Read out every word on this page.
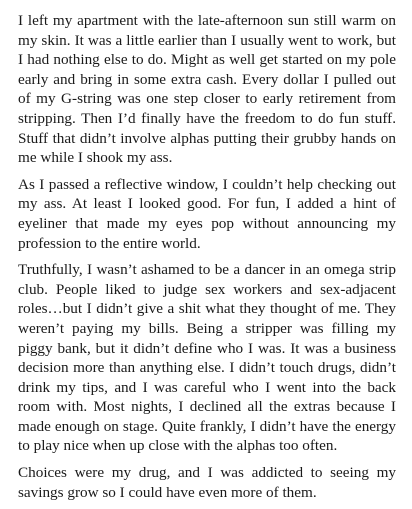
I left my apartment with the late-afternoon sun still warm on my skin. It was a little earlier than I usually went to work, but I had nothing else to do. Might as well get started on my pole early and bring in some extra cash. Every dollar I pulled out of my G-string was one step closer to early retirement from stripping. Then I’d finally have the freedom to do fun stuff. Stuff that didn’t involve alphas putting their grubby hands on me while I shook my ass.

As I passed a reflective window, I couldn’t help checking out my ass. At least I looked good. For fun, I added a hint of eyeliner that made my eyes pop without announcing my profession to the entire world.

Truthfully, I wasn’t ashamed to be a dancer in an omega strip club. People liked to judge sex workers and sex-adjacent roles…but I didn’t give a shit what they thought of me. They weren’t paying my bills. Being a stripper was filling my piggy bank, but it didn’t define who I was. It was a business decision more than anything else. I didn’t touch drugs, didn’t drink my tips, and I was careful who I went into the back room with. Most nights, I declined all the extras because I made enough on stage. Quite frankly, I didn’t have the energy to play nice when up close with the alphas too often.

Choices were my drug, and I was addicted to seeing my savings grow so I could have even more of them.
